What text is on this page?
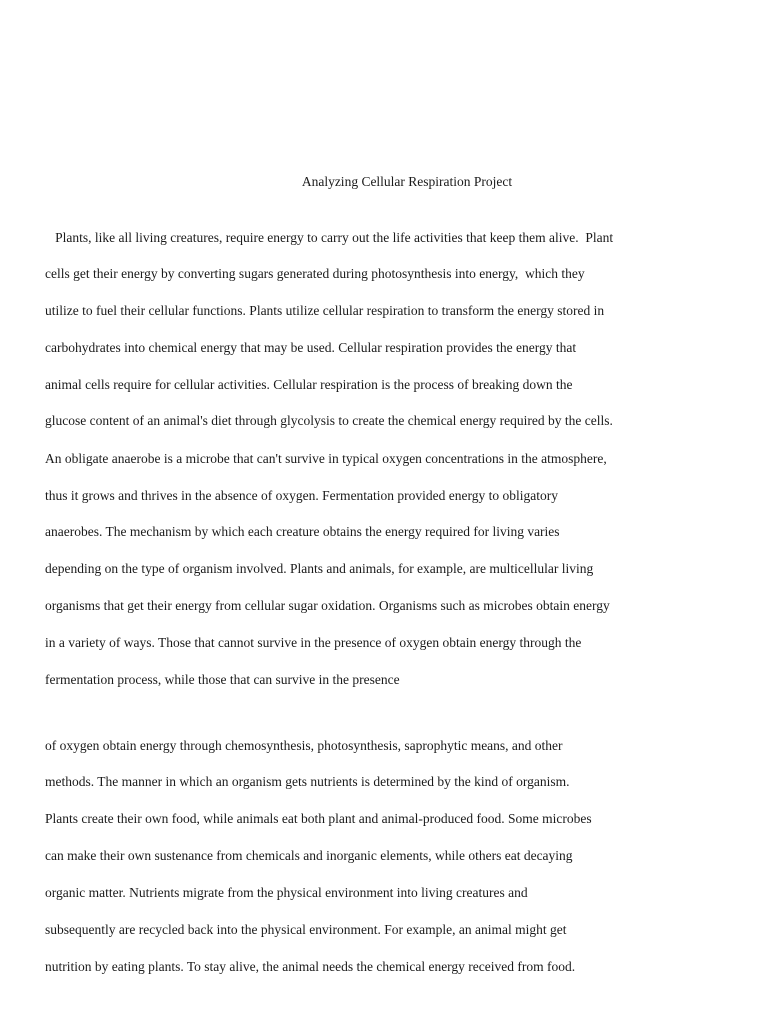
Analyzing Cellular Respiration Project
Plants, like all living creatures, require energy to carry out the life activities that keep them alive.  Plant
cells get their energy by converting sugars generated during photosynthesis into energy,  which they
utilize to fuel their cellular functions. Plants utilize cellular respiration to transform the energy stored in
carbohydrates into chemical energy that may be used. Cellular respiration provides the energy that
animal cells require for cellular activities. Cellular respiration is the process of breaking down the
glucose content of an animal's diet through glycolysis to create the chemical energy required by the cells.
An obligate anaerobe is a microbe that can't survive in typical oxygen concentrations in the atmosphere,
thus it grows and thrives in the absence of oxygen. Fermentation provided energy to obligatory
anaerobes. The mechanism by which each creature obtains the energy required for living varies
depending on the type of organism involved. Plants and animals, for example, are multicellular living
organisms that get their energy from cellular sugar oxidation. Organisms such as microbes obtain energy
in a variety of ways. Those that cannot survive in the presence of oxygen obtain energy through the
fermentation process, while those that can survive in the presence
of oxygen obtain energy through chemosynthesis, photosynthesis, saprophytic means, and other
methods. The manner in which an organism gets nutrients is determined by the kind of organism.
Plants create their own food, while animals eat both plant and animal-produced food. Some microbes
can make their own sustenance from chemicals and inorganic elements, while others eat decaying
organic matter. Nutrients migrate from the physical environment into living creatures and
subsequently are recycled back into the physical environment. For example, an animal might get
nutrition by eating plants. To stay alive, the animal needs the chemical energy received from food.
